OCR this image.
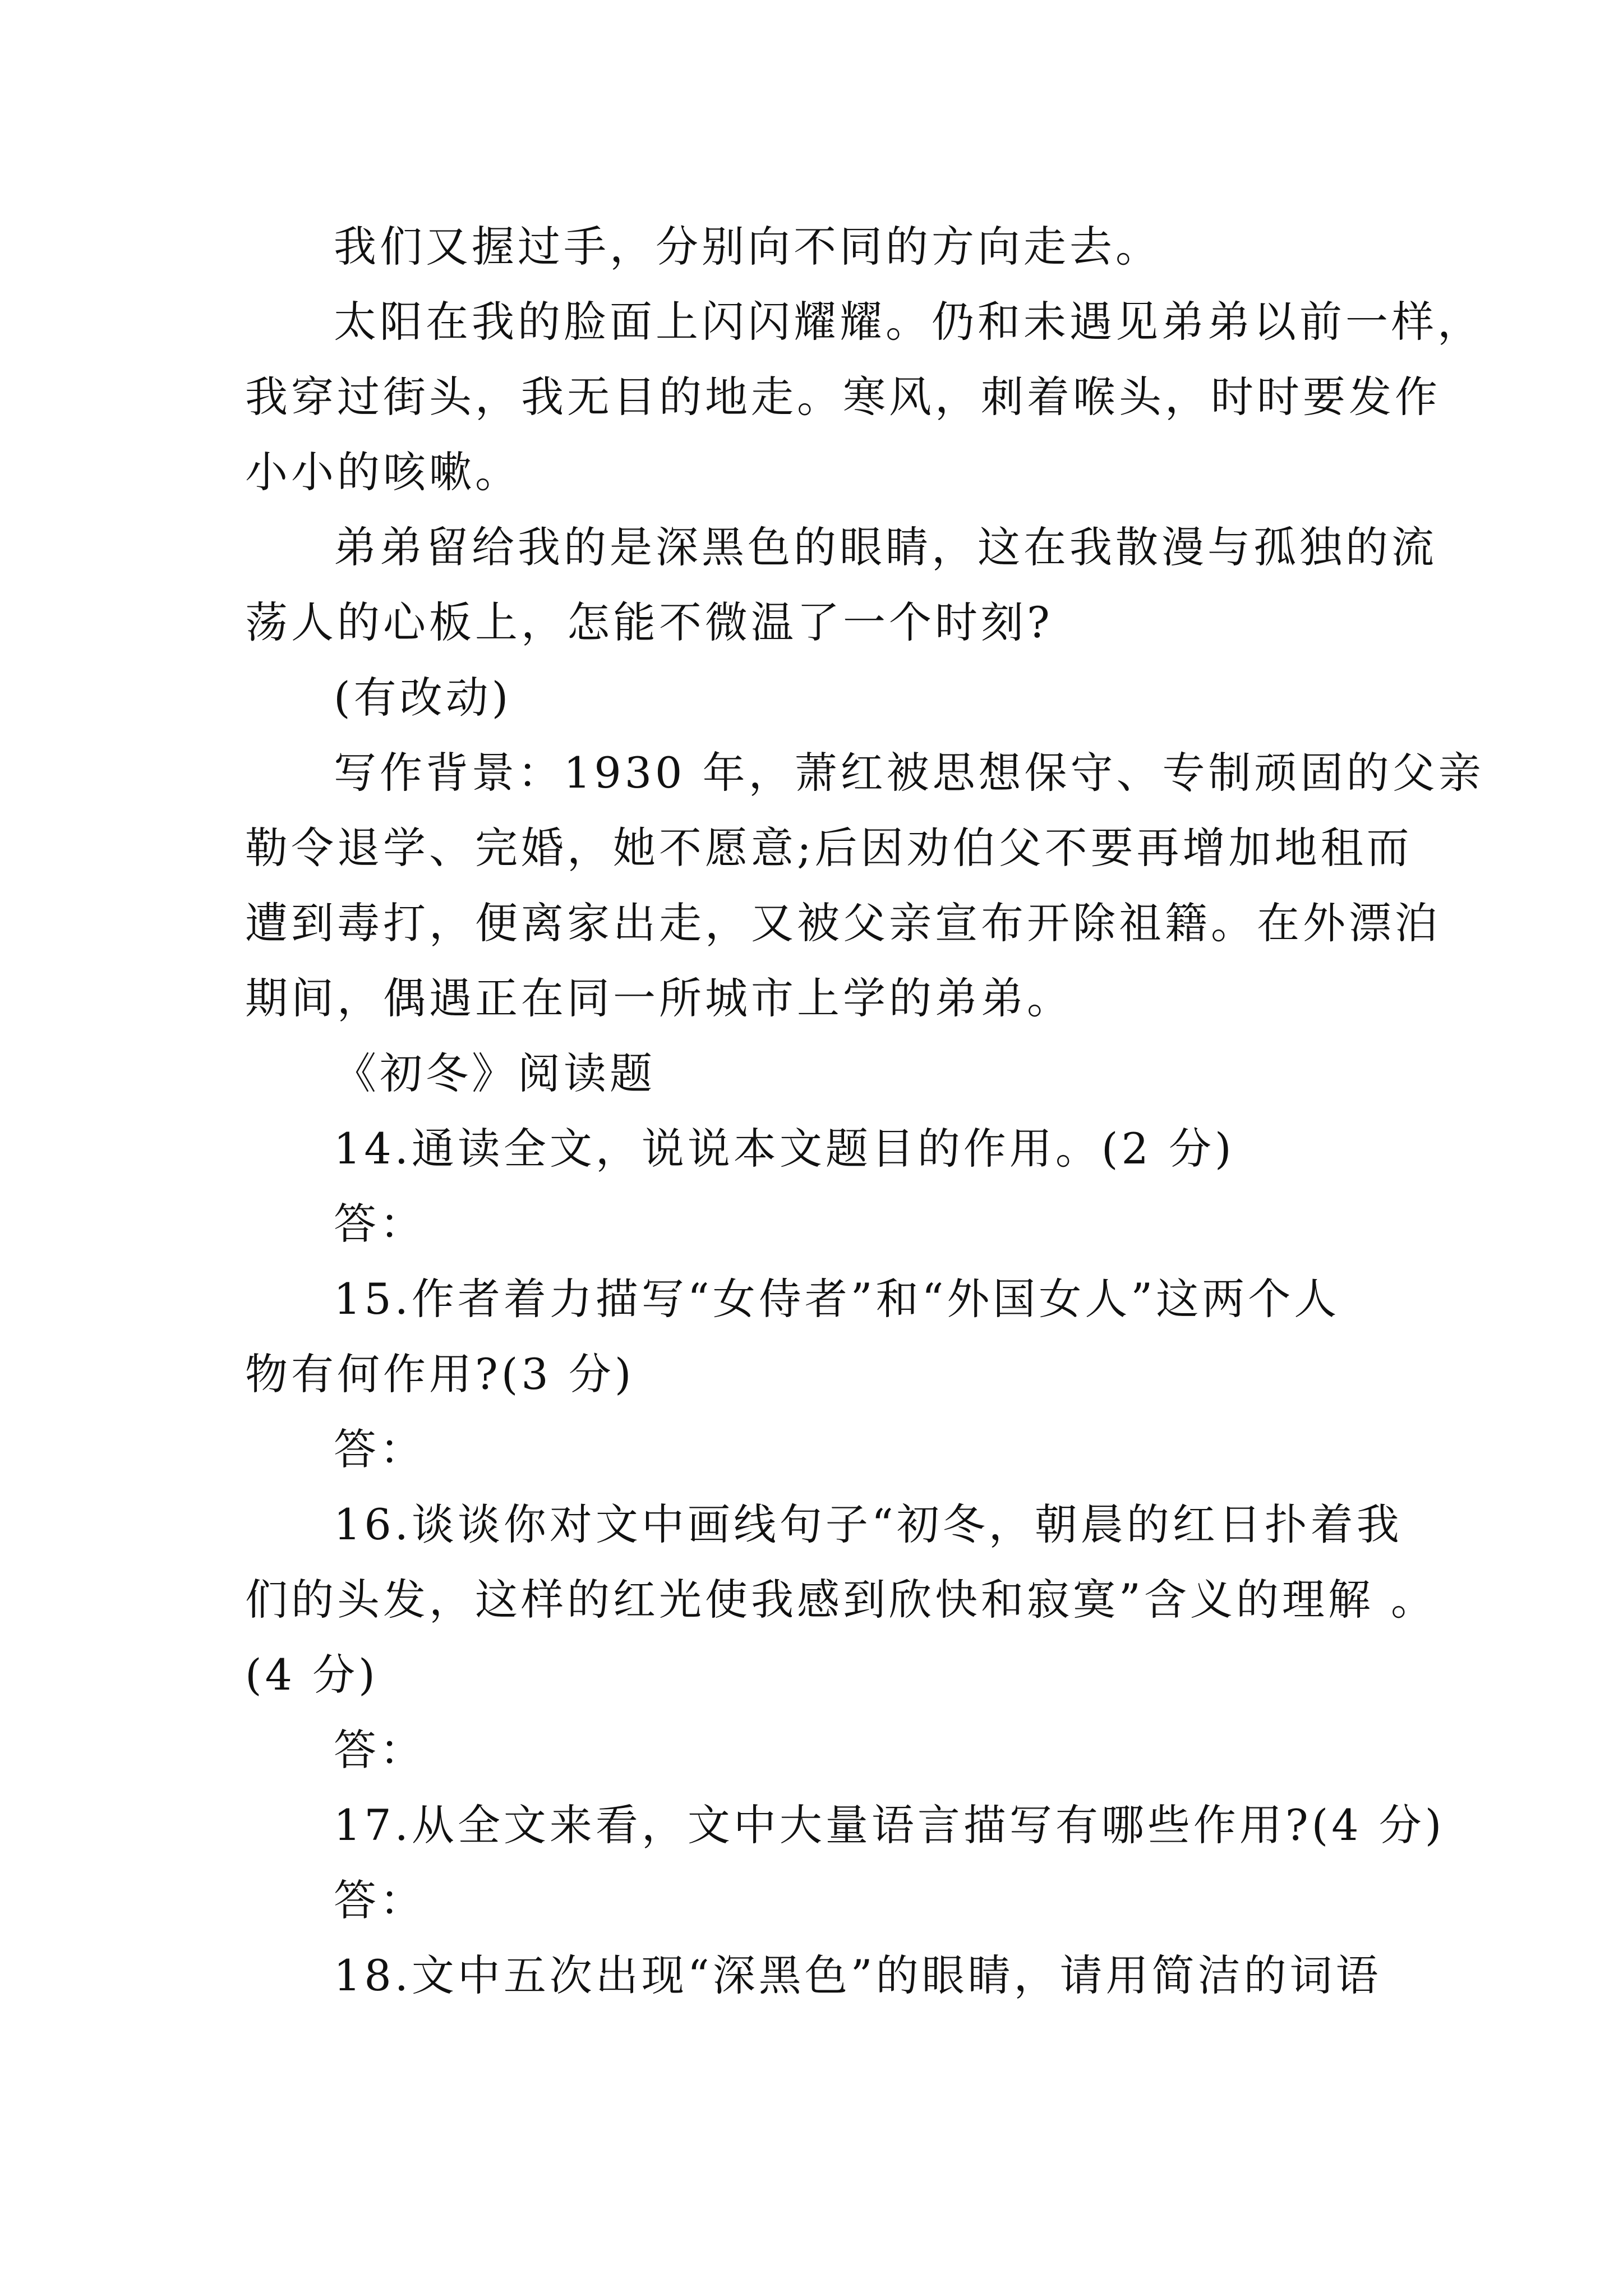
我们又握过手，分别向不同的方向走去。
太阳在我的脸面上闪闪耀耀。仍和未遇见弟弟以前一样，
我穿过街头，我无目的地走。寒风，刺着喉头，时时要发作
小小的咳嗽。
弟弟留给我的是深黑色的眼睛，这在我散漫与孤独的流
荡人的心板上，怎能不微温了一个时刻?
(有改动)
写作背景：1930 年，萧红被思想保守、专制顽固的父亲
勒令退学、完婚，她不愿意;后因劝伯父不要再增加地租而
遭到毒打，便离家出走，又被父亲宣布开除祖籍。在外漂泊
期间，偶遇正在同一所城市上学的弟弟。
《初冬》阅读题
14.通读全文，说说本文题目的作用。(2 分)
答：
15.作者着力描写“女侍者”和“外国女人”这两个人
物有何作用?(3 分)
答：
16.谈谈你对文中画线句子“初冬，朝晨的红日扑着我
们的头发，这样的红光使我感到欣快和寂寞”含义的理解 。
(4 分)
答：
17.从全文来看，文中大量语言描写有哪些作用?(4 分)
答：
18.文中五次出现“深黑色”的眼睛，请用简洁的词语
